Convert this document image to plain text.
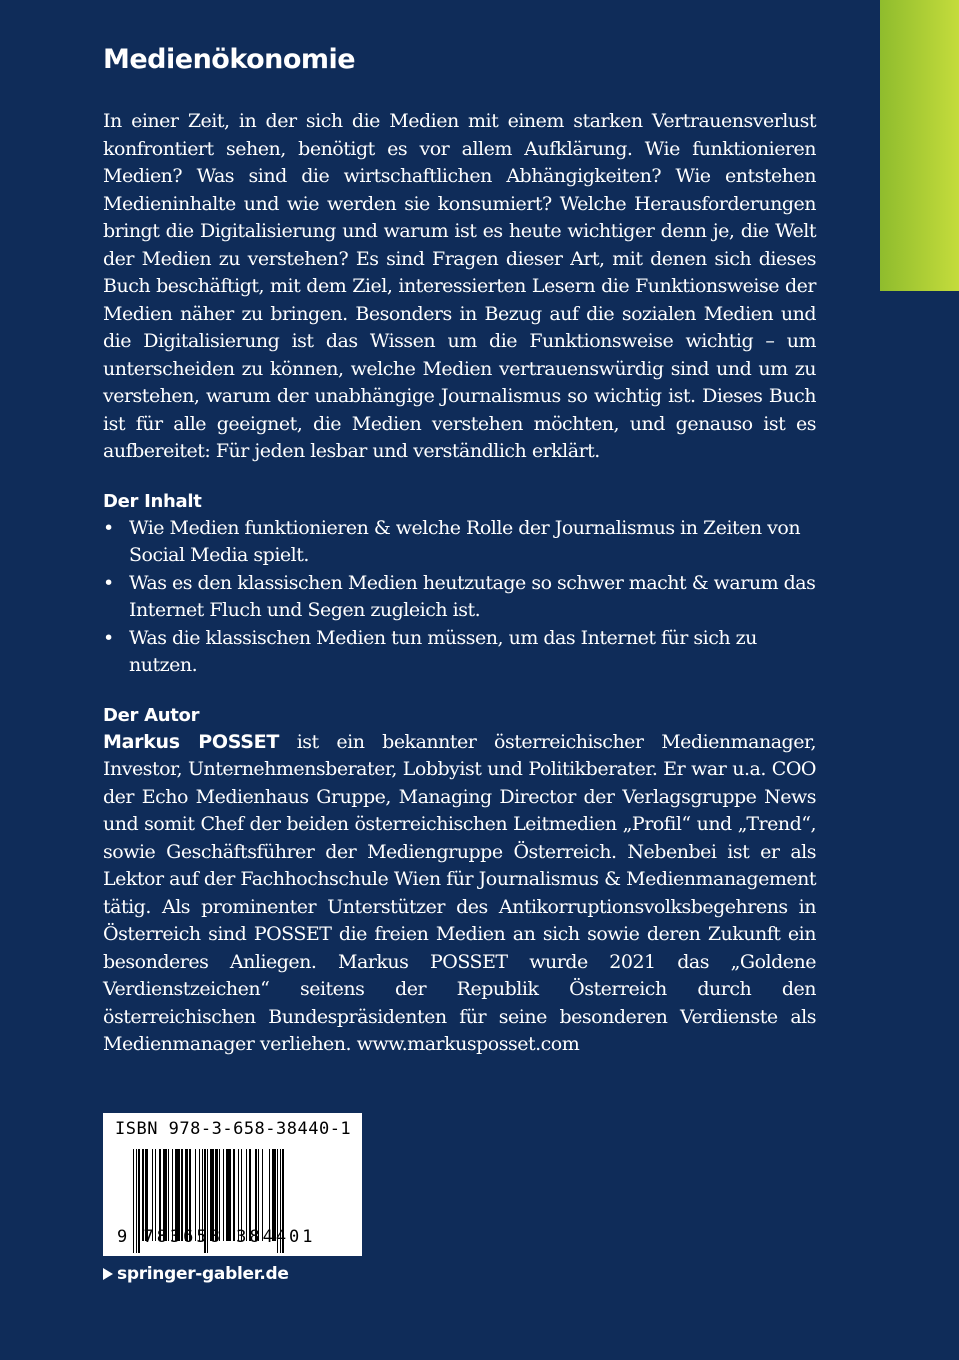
Medienökonomie

In einer Zeit, in der sich die Medien mit einem starken Vertrauensverlust konfrontiert sehen, benötigt es vor allem Aufklärung. Wie funktionieren Medien? Was sind die wirtschaftlichen Abhängigkeiten? Wie entstehen Medieninhalte und wie werden sie konsumiert? Welche Herausforderungen bringt die Digitalisierung und warum ist es heute wichtiger denn je, die Welt der Medien zu verstehen? Es sind Fragen dieser Art, mit denen sich dieses Buch beschäftigt, mit dem Ziel, interessierten Lesern die Funktionsweise der Medien näher zu bringen. Besonders in Bezug auf die sozialen Medien und die Digitalisierung ist das Wissen um die Funktionsweise wichtig – um unterscheiden zu können, welche Medien vertrauenswürdig sind und um zu verstehen, warum der unabhängige Journalismus so wichtig ist. Dieses Buch ist für alle geeignet, die Medien verstehen möchten, und genauso ist es aufbereitet: Für jeden lesbar und verständlich erklärt.

Der Inhalt
• Wie Medien funktionieren & welche Rolle der Journalismus in Zeiten von Social Media spielt.
• Was es den klassischen Medien heutzutage so schwer macht & warum das Internet Fluch und Segen zugleich ist.
• Was die klassischen Medien tun müssen, um das Internet für sich zu nutzen.
Der Autor

Markus POSSET ist ein bekannter österreichischer Medienmanager, Investor, Unternehmensberater, Lobbyist und Politikberater. Er war u.a. COO der Echo Medienhaus Gruppe, Managing Director der Verlagsgruppe News und somit Chef der beiden österreichischen Leitmedien „Profil“ und „Trend“, sowie Geschäftsführer der Mediengruppe Österreich. Nebenbei ist er als Lektor auf der Fachhochschule Wien für Journalismus & Medienmanagement tätig. Als prominenter Unterstützer des Antikorruptionsvolksbegehrens in Österreich sind POSSET die freien Medien an sich sowie deren Zukunft ein besonderes Anliegen. Markus POSSET wurde 2021 das „Goldene Verdienstzeichen“ seitens der Republik Österreich durch den österreichischen Bundespräsidenten für seine besonderen Verdienste als Medienmanager verliehen. www.markusposset.com

ISBN 978-3-658-38440-1
9 783658 384401
springer-gabler.de
